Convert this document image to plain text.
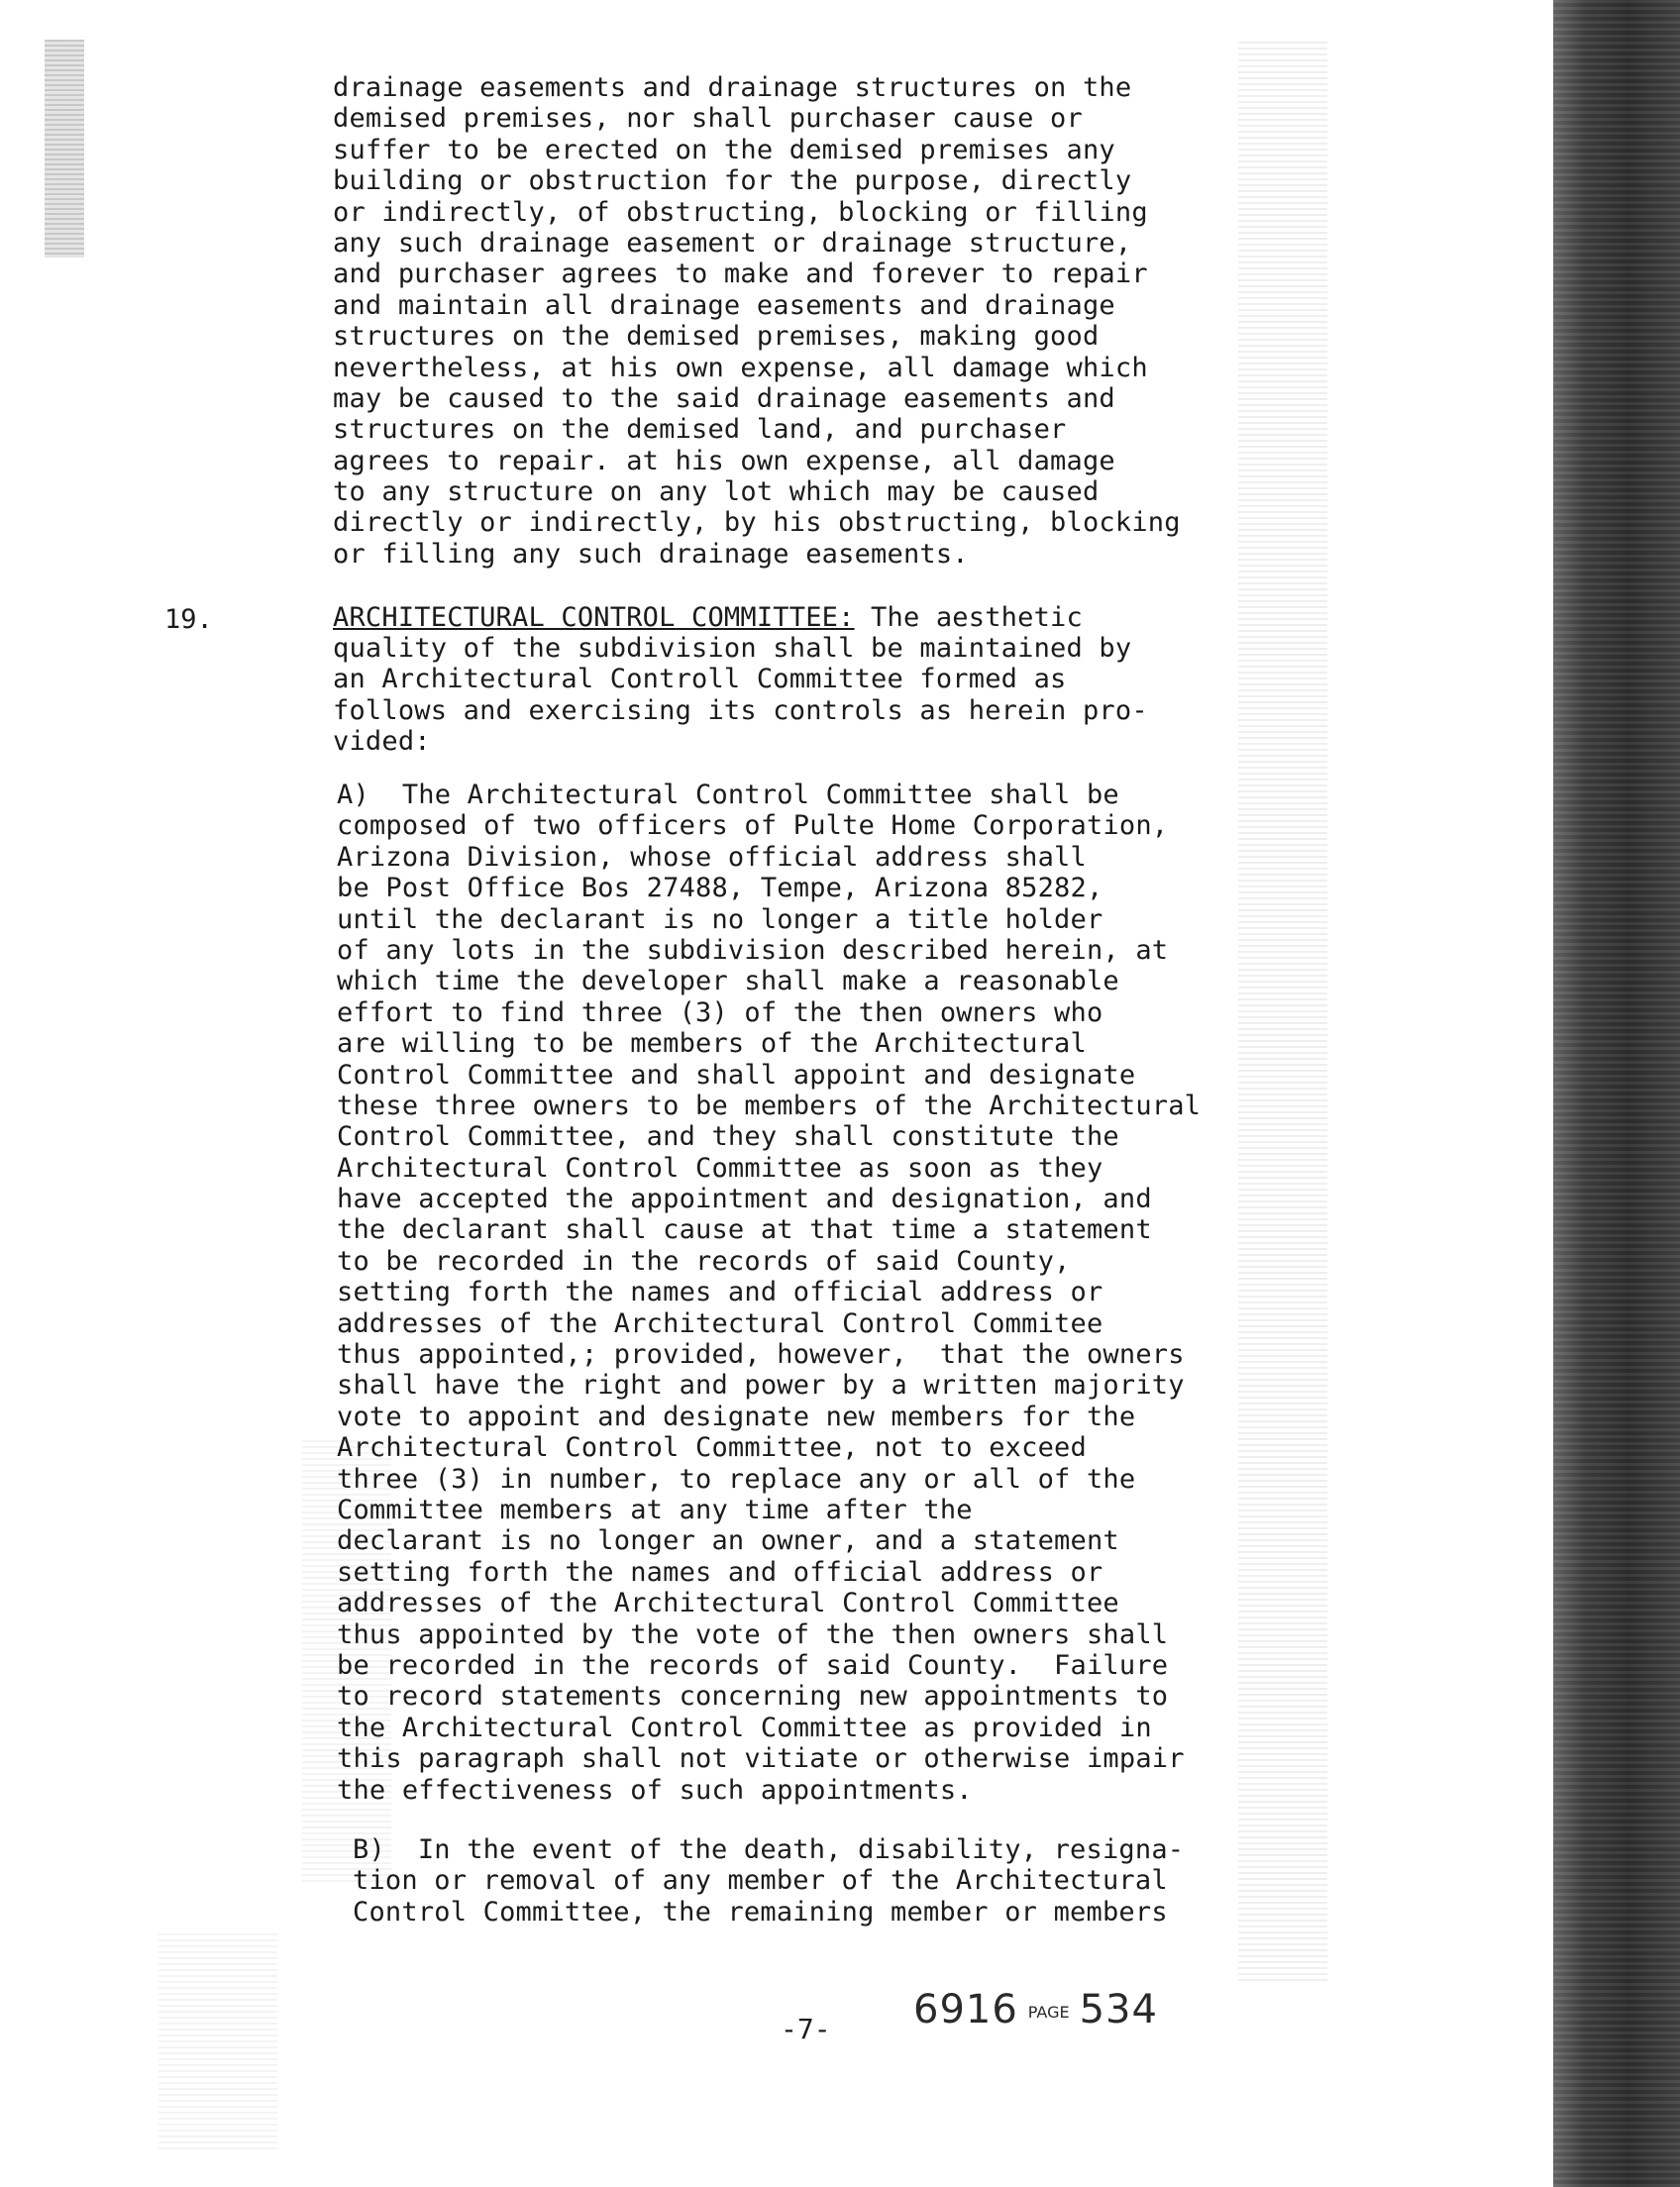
drainage easements and drainage structures on the
demised premises, nor shall purchaser cause or
suffer to be erected on the demised premises any
building or obstruction for the purpose, directly
or indirectly, of obstructing, blocking or filling
any such drainage easement or drainage structure,
and purchaser agrees to make and forever to repair
and maintain all drainage easements and drainage
structures on the demised premises, making good
nevertheless, at his own expense, all damage which
may be caused to the said drainage easements and
structures on the demised land, and purchaser
agrees to repair. at his own expense, all damage
to any structure on any lot which may be caused
directly or indirectly, by his obstructing, blocking
or filling any such drainage easements.
19.	ARCHITECTURAL CONTROL COMMITTEE: The aesthetic
quality of the subdivision shall be maintained by
an Architectural Controll Committee formed as
follows and exercising its controls as herein pro-
vided:
A)  The Architectural Control Committee shall be
composed of two officers of Pulte Home Corporation,
Arizona Division, whose official address shall
be Post Office Bos 27488, Tempe, Arizona 85282,
until the declarant is no longer a title holder
of any lots in the subdivision described herein, at
which time the developer shall make a reasonable
effort to find three (3) of the then owners who
are willing to be members of the Architectural
Control Committee and shall appoint and designate
these three owners to be members of the Architectural
Control Committee, and they shall constitute the
Architectural Control Committee as soon as they
have accepted the appointment and designation, and
the declarant shall cause at that time a statement
to be recorded in the records of said County,
setting forth the names and official address or
addresses of the Architectural Control Commitee
thus appointed,; provided, however,  that the owners
shall have the right and power by a written majority
vote to appoint and designate new members for the
Architectural Control Committee, not to exceed
three (3) in number, to replace any or all of the
Committee members at any time after the
declarant is no longer an owner, and a statement
setting forth the names and official address or
addresses of the Architectural Control Committee
thus appointed by the vote of the then owners shall
be recorded in the records of said County.  Failure
to record statements concerning new appointments to
the Architectural Control Committee as provided in
this paragraph shall not vitiate or otherwise impair
the effectiveness of such appointments.
B)  In the event of the death, disability, resigna-
tion or removal of any member of the Architectural
Control Committee, the remaining member or members
-7- 6916 PAGE 534
